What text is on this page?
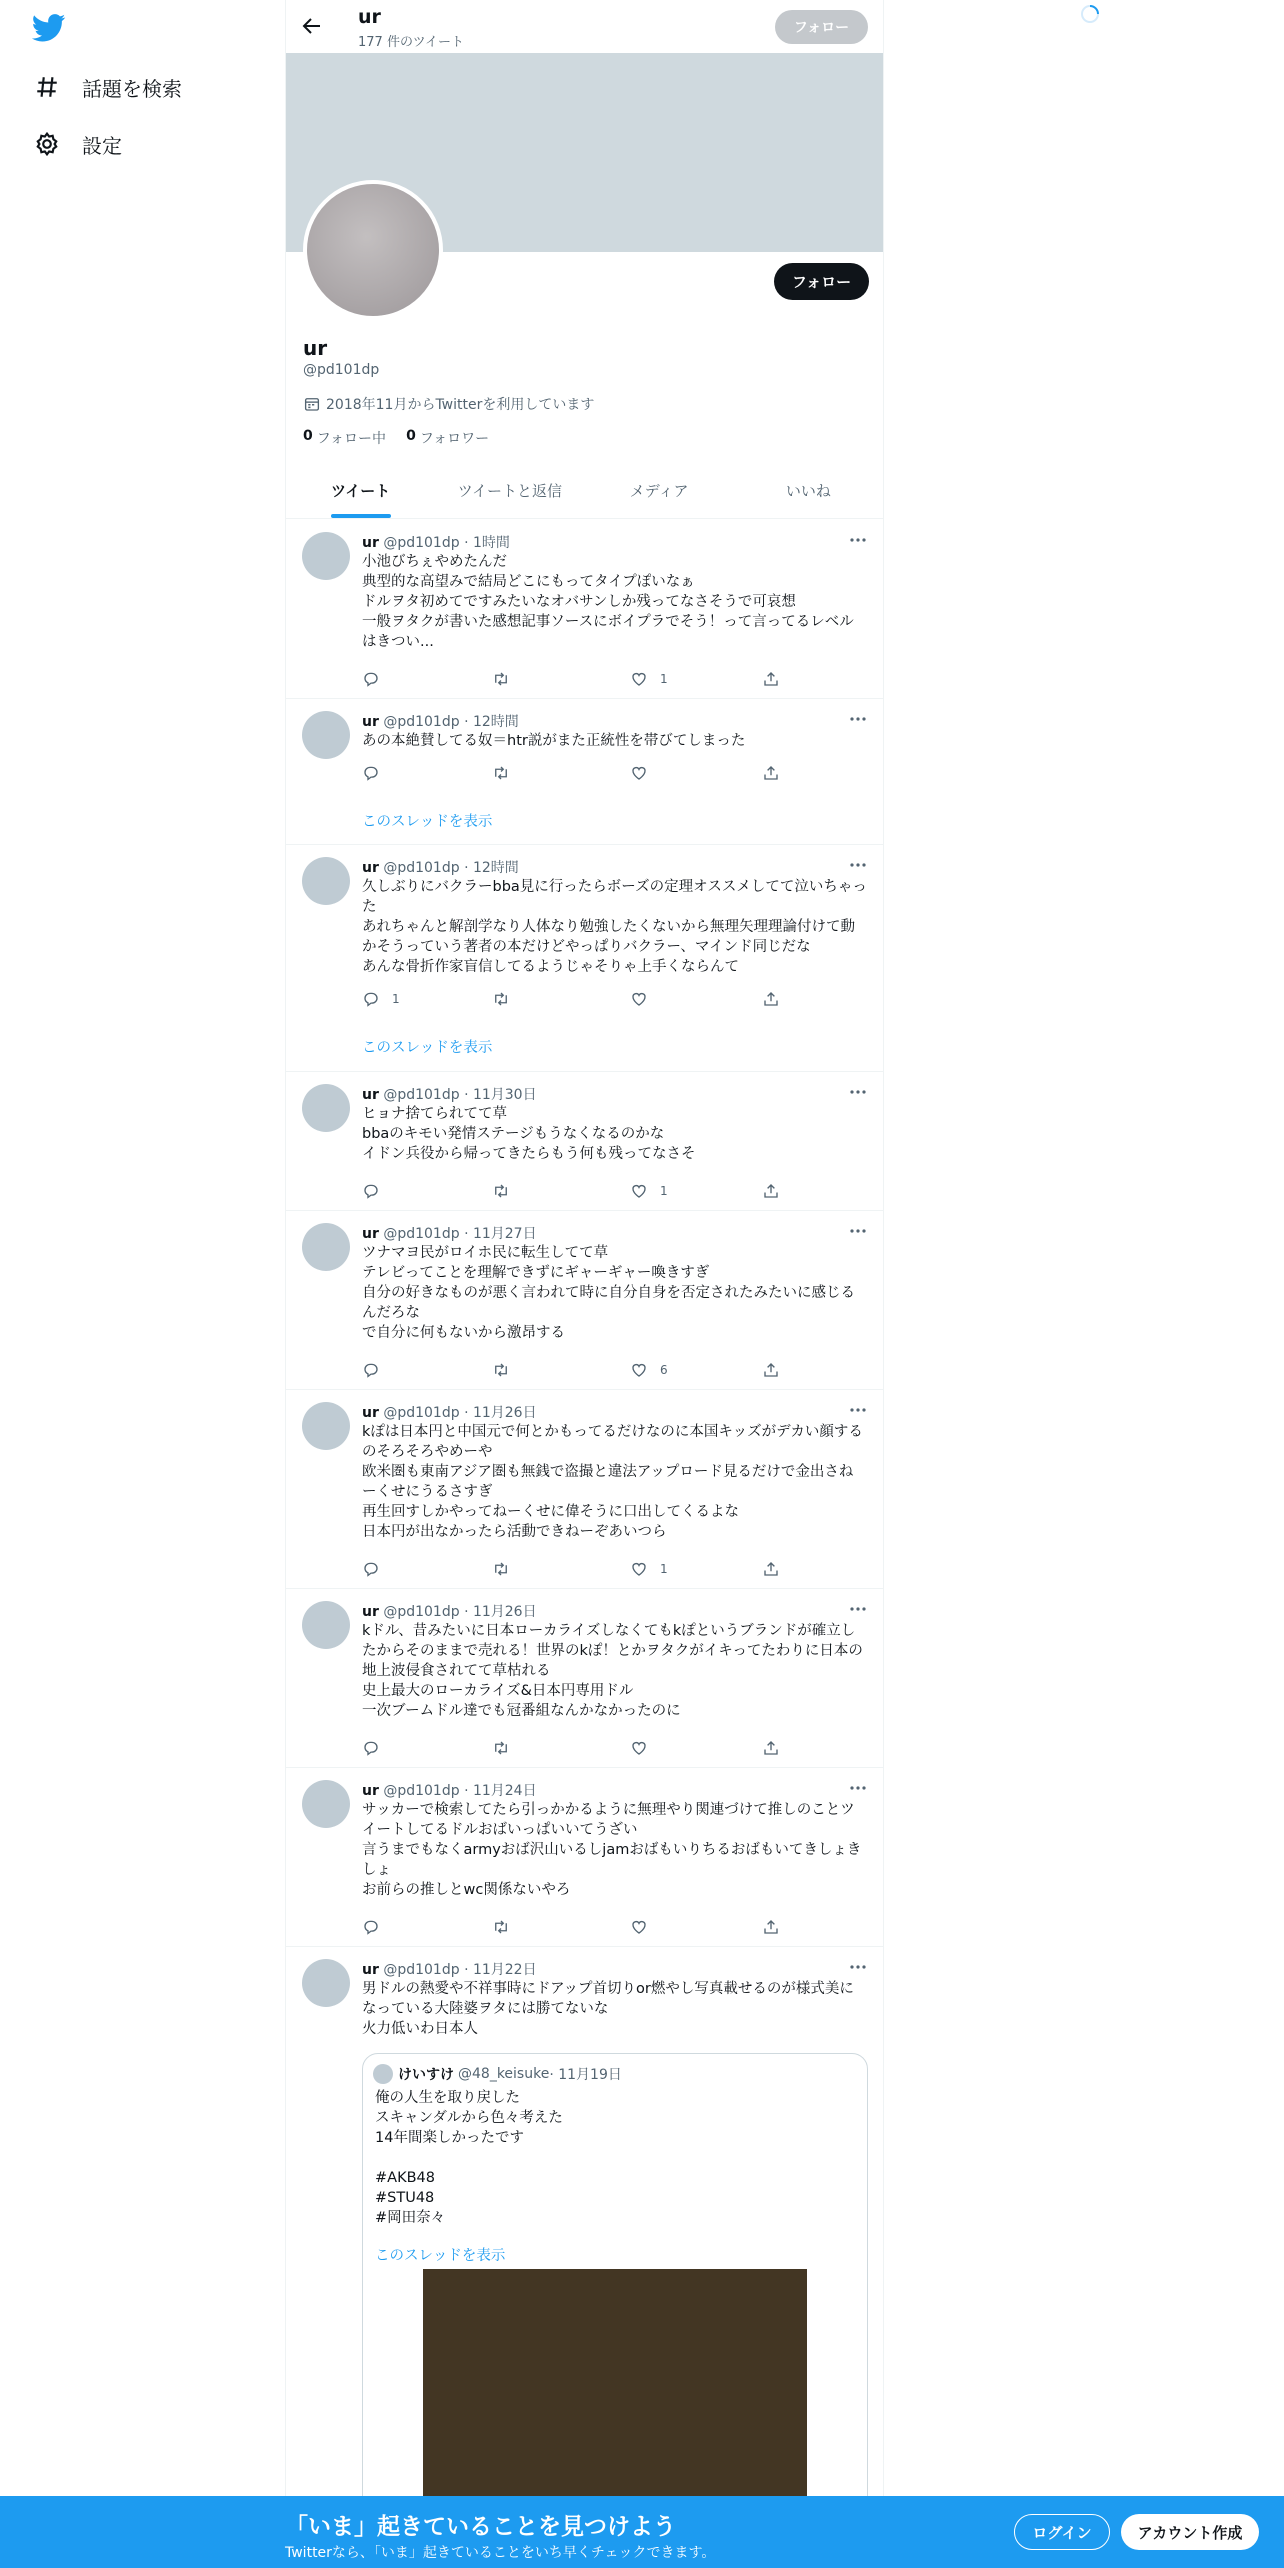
話題を検索
設定
ur
177 件のツイート
フォロー
フォロー
ur
@pd101dp
2018年11月からTwitterを利用しています
0 フォロー中 0 フォロワー
ツイート	ツイートと返信	メディア	いいね
ur @pd101dp · 1時間
小池びちぇやめたんだ
典型的な高望みで結局どこにもってタイプぽいなぁ
ドルヲタ初めてですみたいなオバサンしか残ってなさそうで可哀想
一般ヲタクが書いた感想記事ソースにボイプラでそう！って言ってるレベルはきつい...
1
ur @pd101dp · 12時間
あの本絶賛してる奴＝htr説がまた正統性を帯びてしまった
このスレッドを表示
ur @pd101dp · 12時間
久しぶりにバクラーbba見に行ったらボーズの定理オススメしてて泣いちゃった
あれちゃんと解剖学なり人体なり勉強したくないから無理矢理理論付けて動かそうっていう著者の本だけどやっぱりバクラー、マインド同じだな
あんな骨折作家盲信してるようじゃそりゃ上手くならんて
1
このスレッドを表示
ur @pd101dp · 11月30日
ヒョナ捨てられてて草
bbaのキモい発情ステージもうなくなるのかな
イドン兵役から帰ってきたらもう何も残ってなさそ
1
ur @pd101dp · 11月27日
ツナマヨ民がロイホ民に転生してて草
テレビってことを理解できずにギャーギャー喚きすぎ
自分の好きなものが悪く言われて時に自分自身を否定されたみたいに感じるんだろな
で自分に何もないから激昂する
6
ur @pd101dp · 11月26日
kぽは日本円と中国元で何とかもってるだけなのに本国キッズがデカい顔するのそろそろやめーや
欧米圏も東南アジア圏も無銭で盗撮と違法アップロード見るだけで金出さねーくせにうるさすぎ
再生回すしかやってねーくせに偉そうに口出してくるよな
日本円が出なかったら活動できねーぞあいつら
1
ur @pd101dp · 11月26日
kドル、昔みたいに日本ローカライズしなくてもkぽというブランドが確立したからそのままで売れる！世界のkぽ！とかヲタクがイキってたわりに日本の地上波侵食されてて草枯れる
史上最大のローカライズ&日本円専用ドル
一次ブームドル達でも冠番組なんかなかったのに
ur @pd101dp · 11月24日
サッカーで検索してたら引っかかるように無理やり関連づけて推しのことツイートしてるドルおばいっぱいいてうざい
言うまでもなくarmyおば沢山いるしjamおばもいりちるおばもいてきしょきしょ
お前らの推しとwc関係ないやろ
ur @pd101dp · 11月22日
男ドルの熱愛や不祥事時にドアップ首切りor燃やし写真載せるのが様式美になっている大陸婆ヲタには勝てないな
火力低いわ日本人
けいすけ @48_keisuke · 11月19日
俺の人生を取り戻した
スキャンダルから色々考えた
14年間楽しかったです

#AKB48
#STU48
#岡田奈々
このスレッドを表示
「いま」起きていることを見つけよう
Twitterなら、「いま」起きていることをいち早くチェックできます。
ログイン	アカウント作成
